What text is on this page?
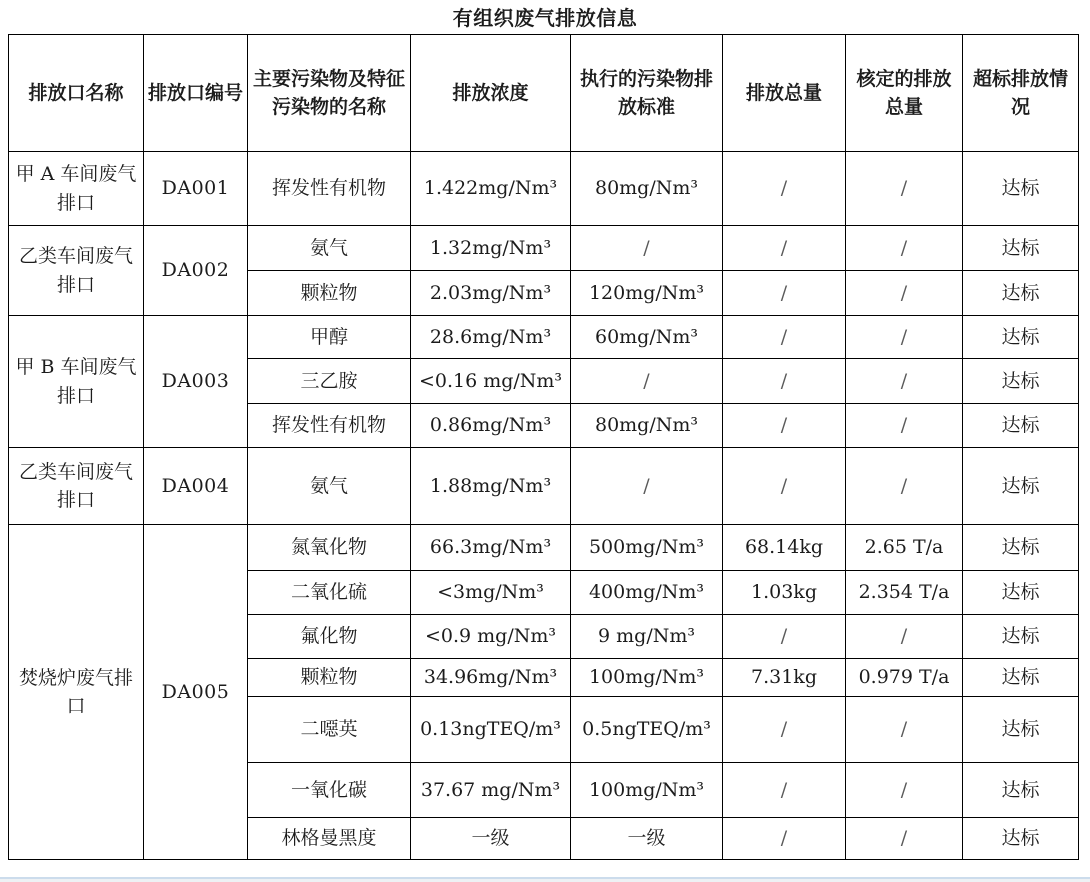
有组织废气排放信息
排放口名称	排放口编号	主要污染物及特征污染物的名称	排放浓度	执行的污染物排放标准	排放总量	核定的排放总量	超标排放情况
甲 A 车间废气排口	DA001	挥发性有机物	1.422mg/Nm³	80mg/Nm³	/	/	达标
乙类车间废气排口	DA002	氨气	1.32mg/Nm³	/	/	/	达标
		颗粒物	2.03mg/Nm³	120mg/Nm³	/	/	达标
甲 B 车间废气排口	DA003	甲醇	28.6mg/Nm³	60mg/Nm³	/	/	达标
		三乙胺	<0.16 mg/Nm³	/	/	/	达标
		挥发性有机物	0.86mg/Nm³	80mg/Nm³	/	/	达标
乙类车间废气排口	DA004	氨气	1.88mg/Nm³	/	/	/	达标
焚烧炉废气排口	DA005	氮氧化物	66.3mg/Nm³	500mg/Nm³	68.14kg	2.65 T/a	达标
		二氧化硫	<3mg/Nm³	400mg/Nm³	1.03kg	2.354 T/a	达标
		氟化物	<0.9 mg/Nm³	9 mg/Nm³	/	/	达标
		颗粒物	34.96mg/Nm³	100mg/Nm³	7.31kg	0.979 T/a	达标
		二噁英	0.13ngTEQ/m³	0.5ngTEQ/m³	/	/	达标
		一氧化碳	37.67 mg/Nm³	100mg/Nm³	/	/	达标
		林格曼黑度	一级	一级	/	/	达标
